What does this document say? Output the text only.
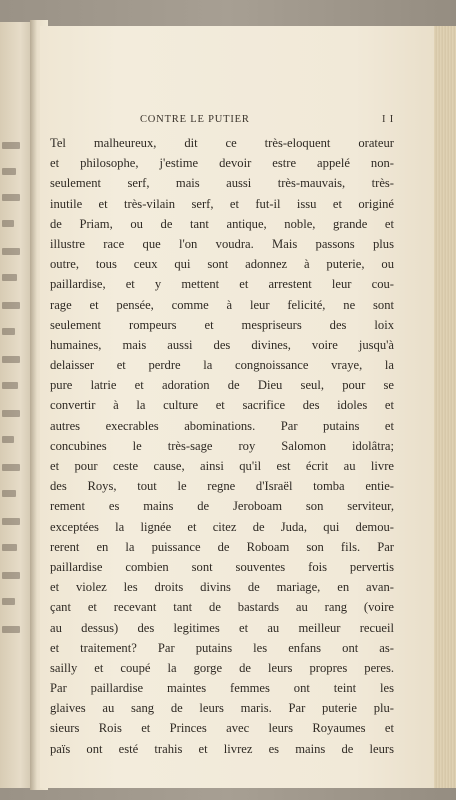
CONTRE LE PUTIER	I I
Tel malheureux, dit ce très-eloquent orateur
et philosophe, j'estime devoir estre appelé non-
seulement serf, mais aussi très-mauvais, très-
inutile et très-vilain serf, et fut-il issu et originé
de Priam, ou de tant antique, noble, grande et
illustre race que l'on voudra. Mais passons plus
outre, tous ceux qui sont adonnez à puterie, ou
paillardise, et y mettent et arrestent leur cou-
rage et pensée, comme à leur felicité, ne sont
seulement rompeurs et mespriseurs des loix
humaines, mais aussi des divines, voire jusqu'à
delaisser et perdre la congnoissance vraye, la
pure latrie et adoration de Dieu seul, pour se
convertir à la culture et sacrifice des idoles et
autres execrables abominations. Par putains et
concubines le très-sage roy Salomon idolâtra;
et pour ceste cause, ainsi qu'il est écrit au livre
des Roys, tout le regne d'Israël tomba entie-
rement es mains de Jeroboam son serviteur,
exceptées la lignée et citez de Juda, qui demou-
rerent en la puissance de Roboam son fils. Par
paillardise combien sont souventes fois pervertis
et violez les droits divins de mariage, en avan-
çant et recevant tant de bastards au rang (voire
au dessus) des legitimes et au meilleur recueil
et traitement? Par putains les enfans ont as-
sailly et coupé la gorge de leurs propres peres.
Par paillardise maintes femmes ont teint les
glaives au sang de leurs maris. Par puterie plu-
sieurs Rois et Princes avec leurs Royaumes et
païs ont esté trahis et livrez es mains de leurs
